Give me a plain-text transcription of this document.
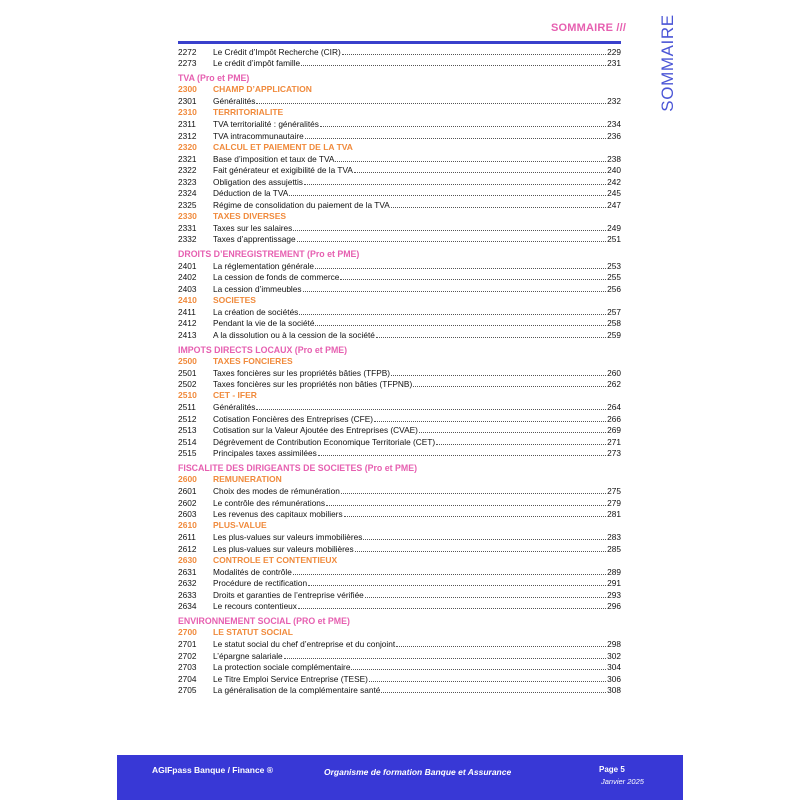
SOMMAIRE /// SOMMAIRE
2272	Le Crédit d’Impôt Recherche (CIR)	229
2273	Le crédit d’impôt famille	231
TVA (Pro et PME)
2300	CHAMP D’APPLICATION
2301	Généralités	232
2310	TERRITORIALITE
2311	TVA territorialité : généralités	234
2312	TVA intracommunautaire	236
2320	CALCUL ET PAIEMENT DE LA TVA
2321	Base d’imposition et taux de TVA	238
2322	Fait générateur et exigibilité de la TVA	240
2323	Obligation des assujettis	242
2324	Déduction de la TVA	245
2325	Régime de consolidation du paiement de la TVA	247
2330	TAXES DIVERSES
2331	Taxes sur les salaires	249
2332	Taxes d’apprentissage	251
DROITS D’ENREGISTREMENT (Pro et PME)
2401	La réglementation générale	253
2402	La cession de fonds de commerce	255
2403	La cession d’immeubles	256
2410	SOCIETES
2411	La création de sociétés	257
2412	Pendant la vie de la société	258
2413	A la dissolution ou à la cession de la société	259
IMPOTS DIRECTS LOCAUX (Pro et PME)
2500	TAXES FONCIERES
2501	Taxes foncières sur les propriétés bâties (TFPB)	260
2502	Taxes foncières sur les propriétés non bâties (TFPNB)	262
2510	CET - IFER
2511	Généralités	264
2512	Cotisation Foncières des Entreprises (CFE)	266
2513	Cotisation sur la Valeur Ajoutée des Entreprises (CVAE)	269
2514	Dégrèvement de Contribution Economique Territoriale (CET)	271
2515	Principales taxes assimilées	273
FISCALITE DES DIRIGEANTS DE SOCIETES (Pro et PME)
2600	REMUNERATION
2601	Choix des modes de rémunération	275
2602	Le contrôle des rémunérations	279
2603	Les revenus des capitaux mobiliers	281
2610	PLUS-VALUE
2611	Les plus-values sur valeurs immobilières	283
2612	Les plus-values sur valeurs mobilières	285
2630	CONTROLE ET CONTENTIEUX
2631	Modalités de contrôle	289
2632	Procédure de rectification	291
2633	Droits et garanties de l’entreprise vérifiée	293
2634	Le recours contentieux	296
ENVIRONNEMENT SOCIAL (PRO et PME)
2700	LE STATUT SOCIAL
2701	Le statut social du chef d’entreprise et du conjoint	298
2702	L’épargne salariale	302
2703	La protection sociale complémentaire	304
2704	Le Titre Emploi Service Entreprise (TESE)	306
2705	La généralisation de la complémentaire santé	308
AGIFpass Banque / Finance ®	Organisme de formation Banque et Assurance	Page 5
Janvier 2025
